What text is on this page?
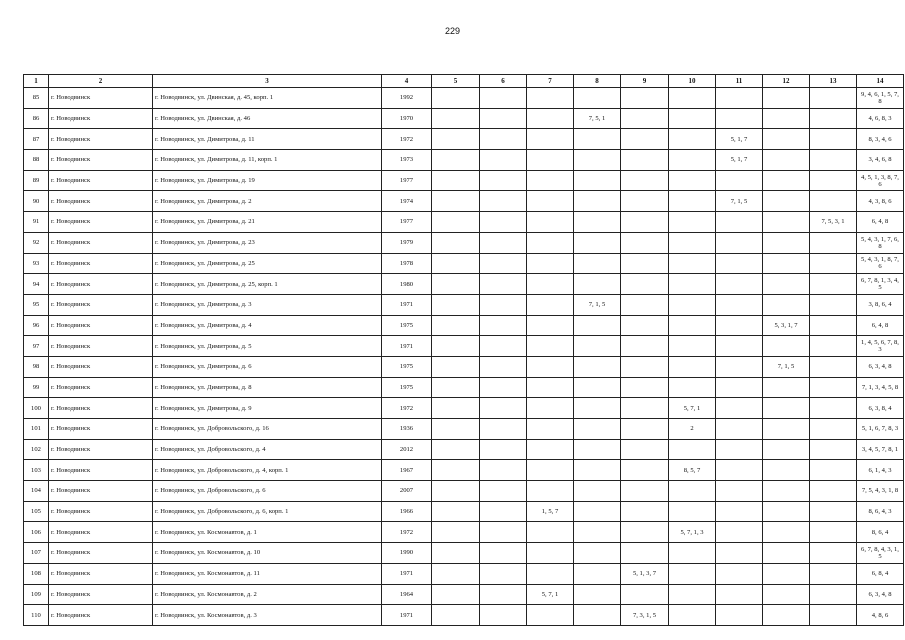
229
1	2	3	4	5	6	7	8	9	10	11	12	13	14
85	г. Новодвинск	г. Новодвинск, ул. Двинская, д. 45, корп. 1	1992										9, 4, 6, 1, 5, 7, 8
86	г. Новодвинск	г. Новодвинск, ул. Двинская, д. 46	1970				7, 5, 1						4, 6, 8, 3
87	г. Новодвинск	г. Новодвинск, ул. Димитрова, д. 11	1972							5, 1, 7			8, 3, 4, 6
88	г. Новодвинск	г. Новодвинск, ул. Димитрова, д. 11, корп. 1	1973							5, 1, 7			3, 4, 6, 8
89	г. Новодвинск	г. Новодвинск, ул. Димитрова, д. 19	1977										4, 5, 1, 3, 8, 7, 6
90	г. Новодвинск	г. Новодвинск, ул. Димитрова, д. 2	1974							7, 1, 5			4, 3, 8, 6
91	г. Новодвинск	г. Новодвинск, ул. Димитрова, д. 21	1977									7, 5, 3, 1	6, 4, 8
92	г. Новодвинск	г. Новодвинск, ул. Димитрова, д. 23	1979										5, 4, 3, 1, 7, 6, 8
93	г. Новодвинск	г. Новодвинск, ул. Димитрова, д. 25	1978										5, 4, 3, 1, 8, 7, 6
94	г. Новодвинск	г. Новодвинск, ул. Димитрова, д. 25, корп. 1	1980										6, 7, 8, 1, 3, 4, 5
95	г. Новодвинск	г. Новодвинск, ул. Димитрова, д. 3	1971				7, 1, 5						3, 8, 6, 4
96	г. Новодвинск	г. Новодвинск, ул. Димитрова, д. 4	1975								5, 3, 1, 7		6, 4, 8
97	г. Новодвинск	г. Новодвинск, ул. Димитрова, д. 5	1971										1, 4, 5, 6, 7, 8, 3
98	г. Новодвинск	г. Новодвинск, ул. Димитрова, д. 6	1975								7, 1, 5		6, 3, 4, 8
99	г. Новодвинск	г. Новодвинск, ул. Димитрова, д. 8	1975										7, 1, 3, 4, 5, 8
100	г. Новодвинск	г. Новодвинск, ул. Димитрова, д. 9	1972						5, 7, 1				6, 3, 8, 4
101	г. Новодвинск	г. Новодвинск, ул. Добровольского, д. 16	1936						2				5, 1, 6, 7, 8, 3
102	г. Новодвинск	г. Новодвинск, ул. Добровольского, д. 4	2012										3, 4, 5, 7, 8, 1
103	г. Новодвинск	г. Новодвинск, ул. Добровольского, д. 4, корп. 1	1967						8, 5, 7				6, 1, 4, 3
104	г. Новодвинск	г. Новодвинск, ул. Добровольского, д. 6	2007										7, 5, 4, 3, 1, 8
105	г. Новодвинск	г. Новодвинск, ул. Добровольского, д. 6, корп. 1	1966			1, 5, 7							8, 6, 4, 3
106	г. Новодвинск	г. Новодвинск, ул. Космонавтов, д. 1	1972						5, 7, 1, 3				8, 6, 4
107	г. Новодвинск	г. Новодвинск, ул. Космонавтов, д. 10	1990										6, 7, 8, 4, 3, 1, 5
108	г. Новодвинск	г. Новодвинск, ул. Космонавтов, д. 11	1971					5, 1, 3, 7					6, 8, 4
109	г. Новодвинск	г. Новодвинск, ул. Космонавтов, д. 2	1964			5, 7, 1							6, 3, 4, 8
110	г. Новодвинск	г. Новодвинск, ул. Космонавтов, д. 3	1971					7, 3, 1, 5					4, 8, 6
